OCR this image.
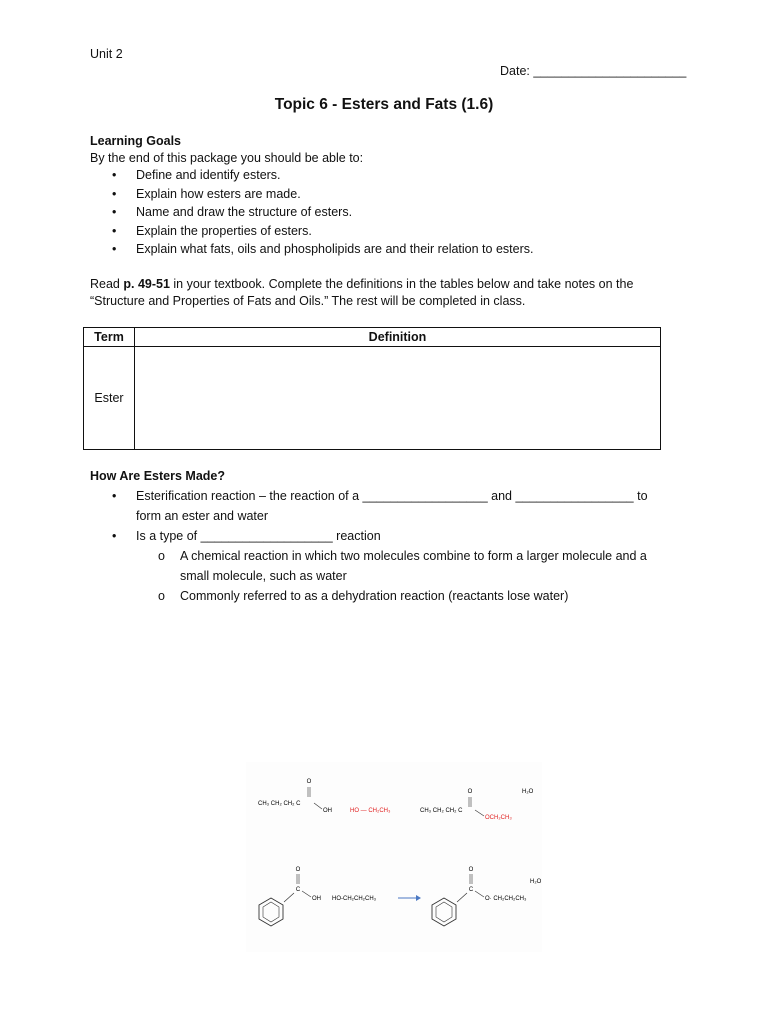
Unit 2
Date: ______________________
Topic 6 - Esters and Fats (1.6)
Learning Goals
By the end of this package you should be able to:
• Define and identify esters.
• Explain how esters are made.
• Name and draw the structure of esters.
• Explain the properties of esters.
• Explain what fats, oils and phospholipids are and their relation to esters.
Read p. 49-51 in your textbook. Complete the definitions in the tables below and take notes on the “Structure and Properties of Fats and Oils.” The rest will be completed in class.
Term	Definition
Ester	
How Are Esters Made?
• Esterification reaction – the reaction of a __________________ and _________________ to form an ester and water
• Is a type of ___________________ reaction
o A chemical reaction in which two molecules combine to form a larger molecule and a small molecule, such as water
o Commonly referred to as a dehydration reaction (reactants lose water)
O
CH₃ CH₂ CH₂ C
OH	HO — CH₂CH₃
O
CH₃ CH₂ CH₂ C
OCH₂CH₃
H₂O
O
C
OH HO-CH₂CH₂CH₃
O
C
O· CH₂CH₂CH₃
H₂O
